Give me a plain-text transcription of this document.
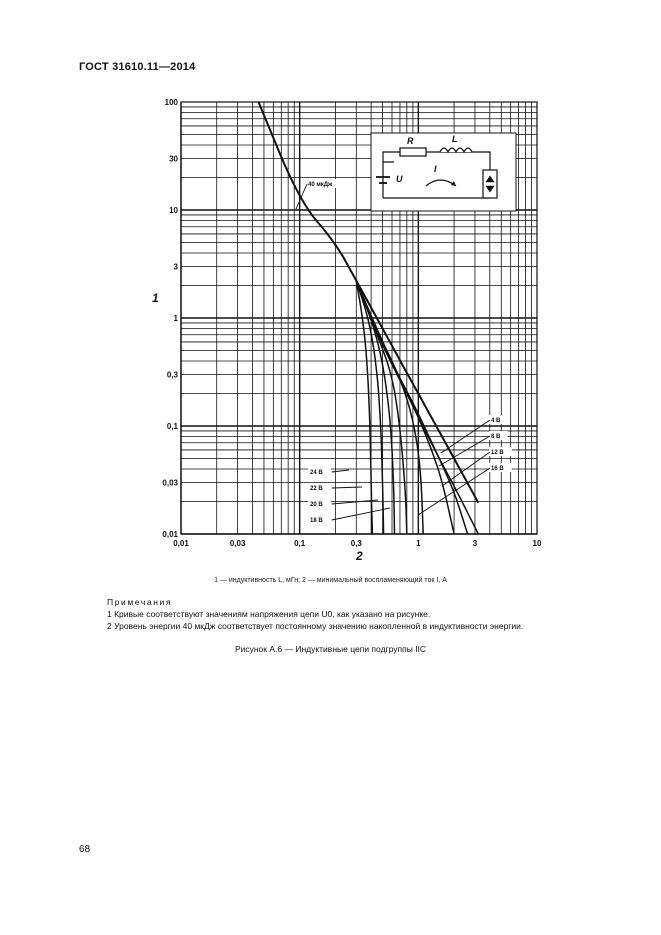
ГОСТ 31610.11—2014
0,01	0,03	0,1	0,3	1	3	10
100
30
10
3
1
0,3
0,1
0,03
0,01
40 мкДж
4 В
8 В
12 В
16 В
24 В
22 В
20 В
18 В
R	L
U
I
1
2
1 — индуктивность L, мГн; 2 — минимальный воспламеняющий ток I, А
Примечания
1 Кривые соответствуют значениям напряжения цепи U0, как указано на рисунке.
2 Уровень энергии 40 мкДж соответствует постоянному значению накопленной в индуктивности энергии.
Рисунок А.6 — Индуктивные цепи подгруппы IIC
68
